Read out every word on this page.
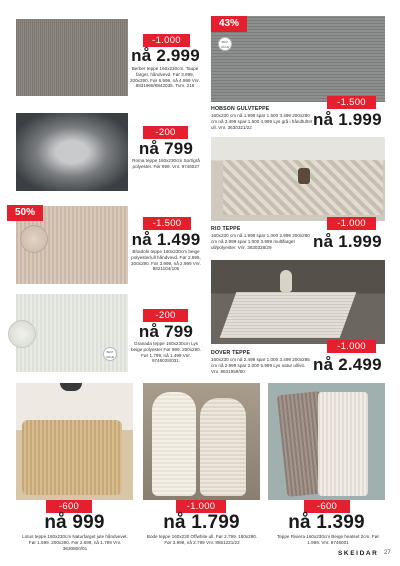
-1.000
nå 2.999
Berber teppe 160x230cm. Taupe farget, håndvevd. Før 3.999, 200x290. Før 6.999, nå 4.999 Vnr. 8831968/8842035. Tvm. 216
43%
BEST VALUE
HOBSON GULVTEPPE
160x230 cm nå 1.999 spar 1.500 3.499 200x290 cm nå 3.499 spar 1.500 4.999 Lys grå i håndtuftet ull. Vnr. 3630321/22
-1.500
nå 1.999
-200
nå 799
Roma teppe 160x230cm Sort/grå polyester. Før 999. Vnr. 9746027
RIO TEPPE
160x230 cm nå 1.999 spar 1.000 2.999 200x290 cm nå 2.999 spar 1.000 3.999 multifarget ull/polyester. Vnr. 3630328/29
-1.000
nå 1.999
50%
-1.500
nå 1.499
Bhadohi teppe 160x230cm beige polyester/ull håndvevd. Før 2.999, 200x290. Før 3.999, nå 2.999 Vnr. 8821104/105
BEST VALUE
-200
nå 799
Granada teppe 160x230cm Lys beige polyester Før 999. 200x290. Før 1.799, nå 1.499 Vnr. 9746028/031.
DOVER TEPPE
160x230 cm nå 2.499 spar 1.000 3.499 200x285 cm nå 2.999 spar 2.000 5.999 Lys natur ull/vit. Vnr. 8831959/60
-1.000
nå 2.499
-600
nå 999
Lotus teppe 160x230cm Naturfarget jute håndvevet. Før 1.599. 200x290. Før 2.699, nå 1.799 Vnr. 3630800/01
-1.000
nå 1.799
Bode teppe 160x230 Offwhite ull. Før 2.799. 180x290. Før 3.999, nå 2.799 Vnr. 8851221/22
-600
nå 1.399
Teppe Riviera 160x230cm Beige heatset 2cm. Før 1.999. Vnr. 9746001
SKEIDAR 27
